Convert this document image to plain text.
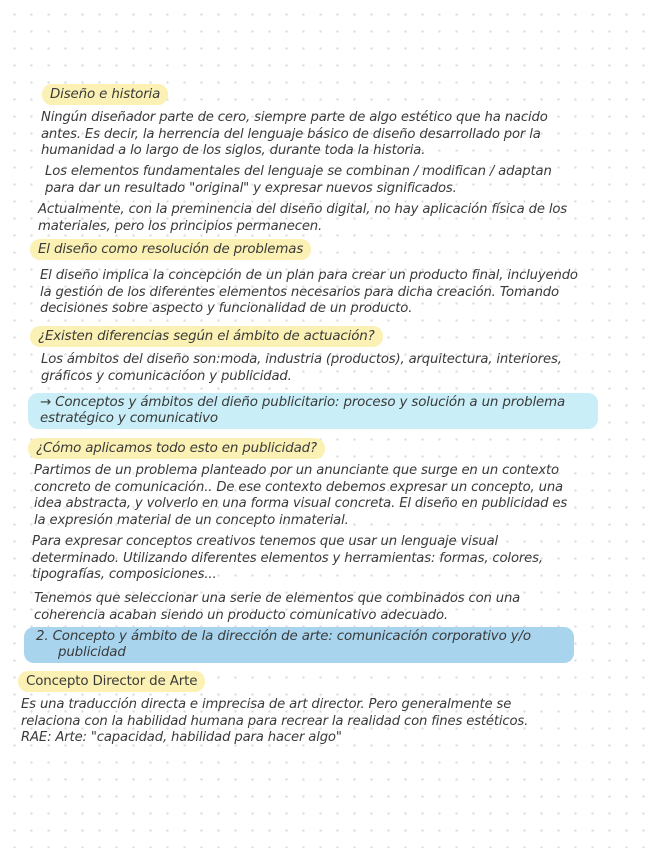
Diseño e historia

Ningún diseñador parte de cero, siempre parte de algo estético que ha nacido

antes. Es decir, la herrencia del lenguaje básico de diseño desarrollado por la

humanidad a lo largo de los siglos, durante toda la historia.

Los elementos fundamentales del lenguaje se combinan / modifican / adaptan

para dar un resultado "original" y expresar nuevos significados.

Actualmente, con la preminencia del diseño digital, no hay aplicación física de los

materiales, pero los principios permanecen.

El diseño como resolución de problemas

El diseño implica la concepción de un plan para crear un producto final, incluyendo

la gestión de los diferentes elementos necesarios para dicha creación. Tomando

decisiones sobre aspecto y funcionalidad de un producto.

¿Existen diferencias según el ámbito de actuación?

Los ámbitos del diseño son:moda, industria (productos), arquitectura, interiores,

gráficos y comunicacióon y publicidad.

→ Conceptos y ámbitos del dieño publicitario: proceso y solución a un problema
estratégico y comunicativo
¿Cómo aplicamos todo esto en publicidad?

Partimos de un problema planteado por un anunciante que surge en un contexto

concreto de comunicación.. De ese contexto debemos expresar un concepto, una

idea abstracta, y volverlo en una forma visual concreta. El diseño en publicidad es

la expresión material de un concepto inmaterial.

Para expresar conceptos creativos tenemos que usar un lenguaje visual

determinado. Utilizando diferentes elementos y herramientas: formas, colores,

tipografías, composiciones...

Tenemos que seleccionar una serie de elementos que combinados con una

coherencia acaban siendo un producto comunicativo adecuado.

2. Concepto y ámbito de la dirección de arte: comunicación corporativo y/o
publicidad
Concepto Director de Arte

Es una traducción directa e imprecisa de art director. Pero generalmente se

relaciona con la habilidad humana para recrear la realidad con fines estéticos.

RAE: Arte: "capacidad, habilidad para hacer algo"
